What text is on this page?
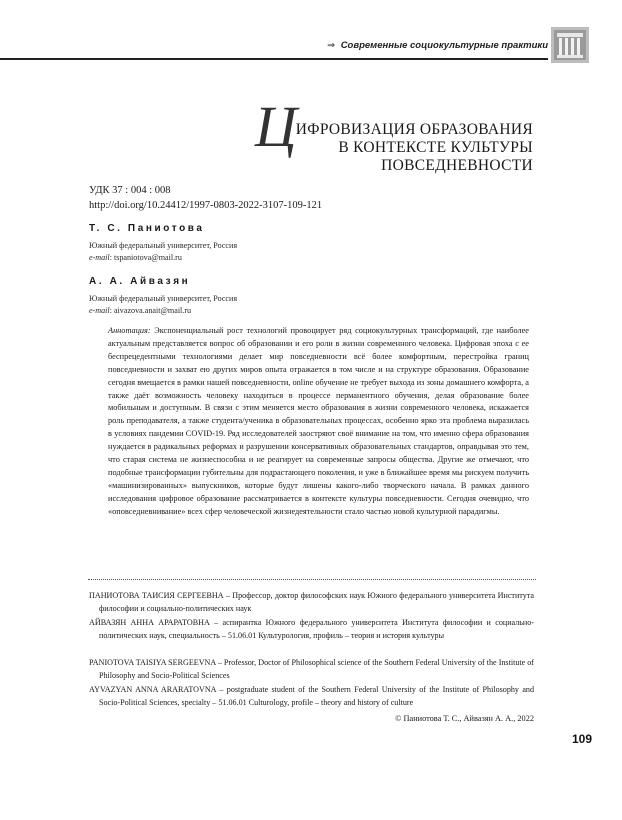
⇒ Современные социокультурные практики
Ц
ИФРОВИЗАЦИЯ ОБРАЗОВАНИЯ
В КОНТЕКСТЕ КУЛЬТУРЫ
ПОВСЕДНЕВНОСТИ
УДК 37 : 004 : 008
http://doi.org/10.24412/1997-0803-2022-3107-109-121
Т. С. Паниотова
Южный федеральный университет, Россия
e-mail: tspaniotova@mail.ru
А. А. Айвазян
Южный федеральный университет, Россия
e-mail: aivazova.anait@mail.ru
Аннотация: Экспоненциальный рост технологий провоцирует ряд социокультурных трансформаций, где наиболее актуальным представляется вопрос об образовании и его роли в жизни современного человека. Цифровая эпоха с ее беспрецедентными технологиями делает мир повседневности всё более комфортным, перестройка границ повседневности и захват ею других миров опыта отражается в том числе и на структуре образования. Образование сегодня вмещается в рамки нашей повседневности, online обучение не требует выхода из зоны домашнего комфорта, а также даёт возможность человеку находиться в процессе перманентного обучения, делая образование более мобильным и доступным. В связи с этим меняется место образования в жизни современного человека, искажается роль преподавателя, а также студента/ученика в образовательных процессах, особенно ярко эта проблема выразилась в условиях пандемии COVID-19. Ряд исследователей заостряют своё внимание на том, что именно сфера образования нуждается в радикальных реформах и разрушении консервативных образовательных стандартов, оправдывая это тем, что старая система не жизнеспособна и не реагирует на современные запросы общества. Другие же отмечают, что подобные трансформации губительны для подрастающего поколения, и уже в ближайшее время мы рискуем получить «машинизированных» выпускников, которые будут лишены какого-либо творческого начала. В рамках данного исследования цифровое образование рассматривается в контексте культуры повседневности. Сегодня очевидно, что «оповседневнивание» всех сфер человеческой жизнедеятельности стало частью новой культурной парадигмы.
ПАНИОТОВА ТАИСИЯ СЕРГЕЕВНА – Профессор, доктор философских наук Южного федерального университета Института философии и социально-политических наук
АЙВАЗЯН АННА АРАРАТОВНА – аспирантка Южного федерального университета Института философии и социально-политических наук, специальность – 51.06.01 Культурология, профиль – теория и история культуры
PANIOTOVA TAISIYA SERGEEVNA – Professor, Doctor of Philosophical science of the Southern Federal University of the Institute of Philosophy and Socio-Political Sciences
AYVAZYAN ANNA ARARATOVNA – postgraduate student of the Southern Federal University of the Institute of Philosophy and Socio-Political Sciences, specialty – 51.06.01 Culturology, profile – theory and history of culture
© Паниотова Т. С., Айвазян А. А., 2022
109
